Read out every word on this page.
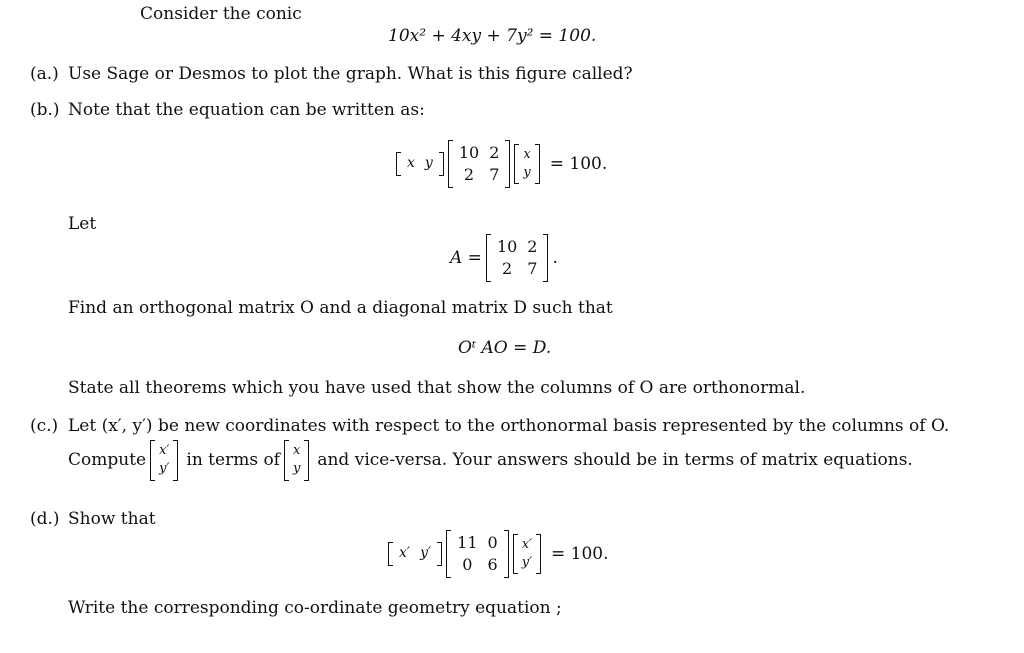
Consider the conic
10x² + 4xy + 7y² = 100.
(a.) Use Sage or Desmos to plot the graph. What is this figure called?
(b.) Note that the equation can be written as:
x	y
10	2
2	7
x
y = 100.
Let
A =
10	2
2	7
.
Find an orthogonal matrix O and a diagonal matrix D such that
Oᵗ AO = D.
State all theorems which you have used that show the columns of O are orthonormal.
(c.) Let (x′, y′) be new coordinates with respect to the orthonormal basis represented by the columns of O.
Compute x′
y′ in terms of x
y and vice-versa. Your answers should be in terms of matrix equations.
(d.) Show that
x′	y′
11	0
0	6
x′
y′ = 100.
Write the corresponding co-ordinate geometry equation ;
